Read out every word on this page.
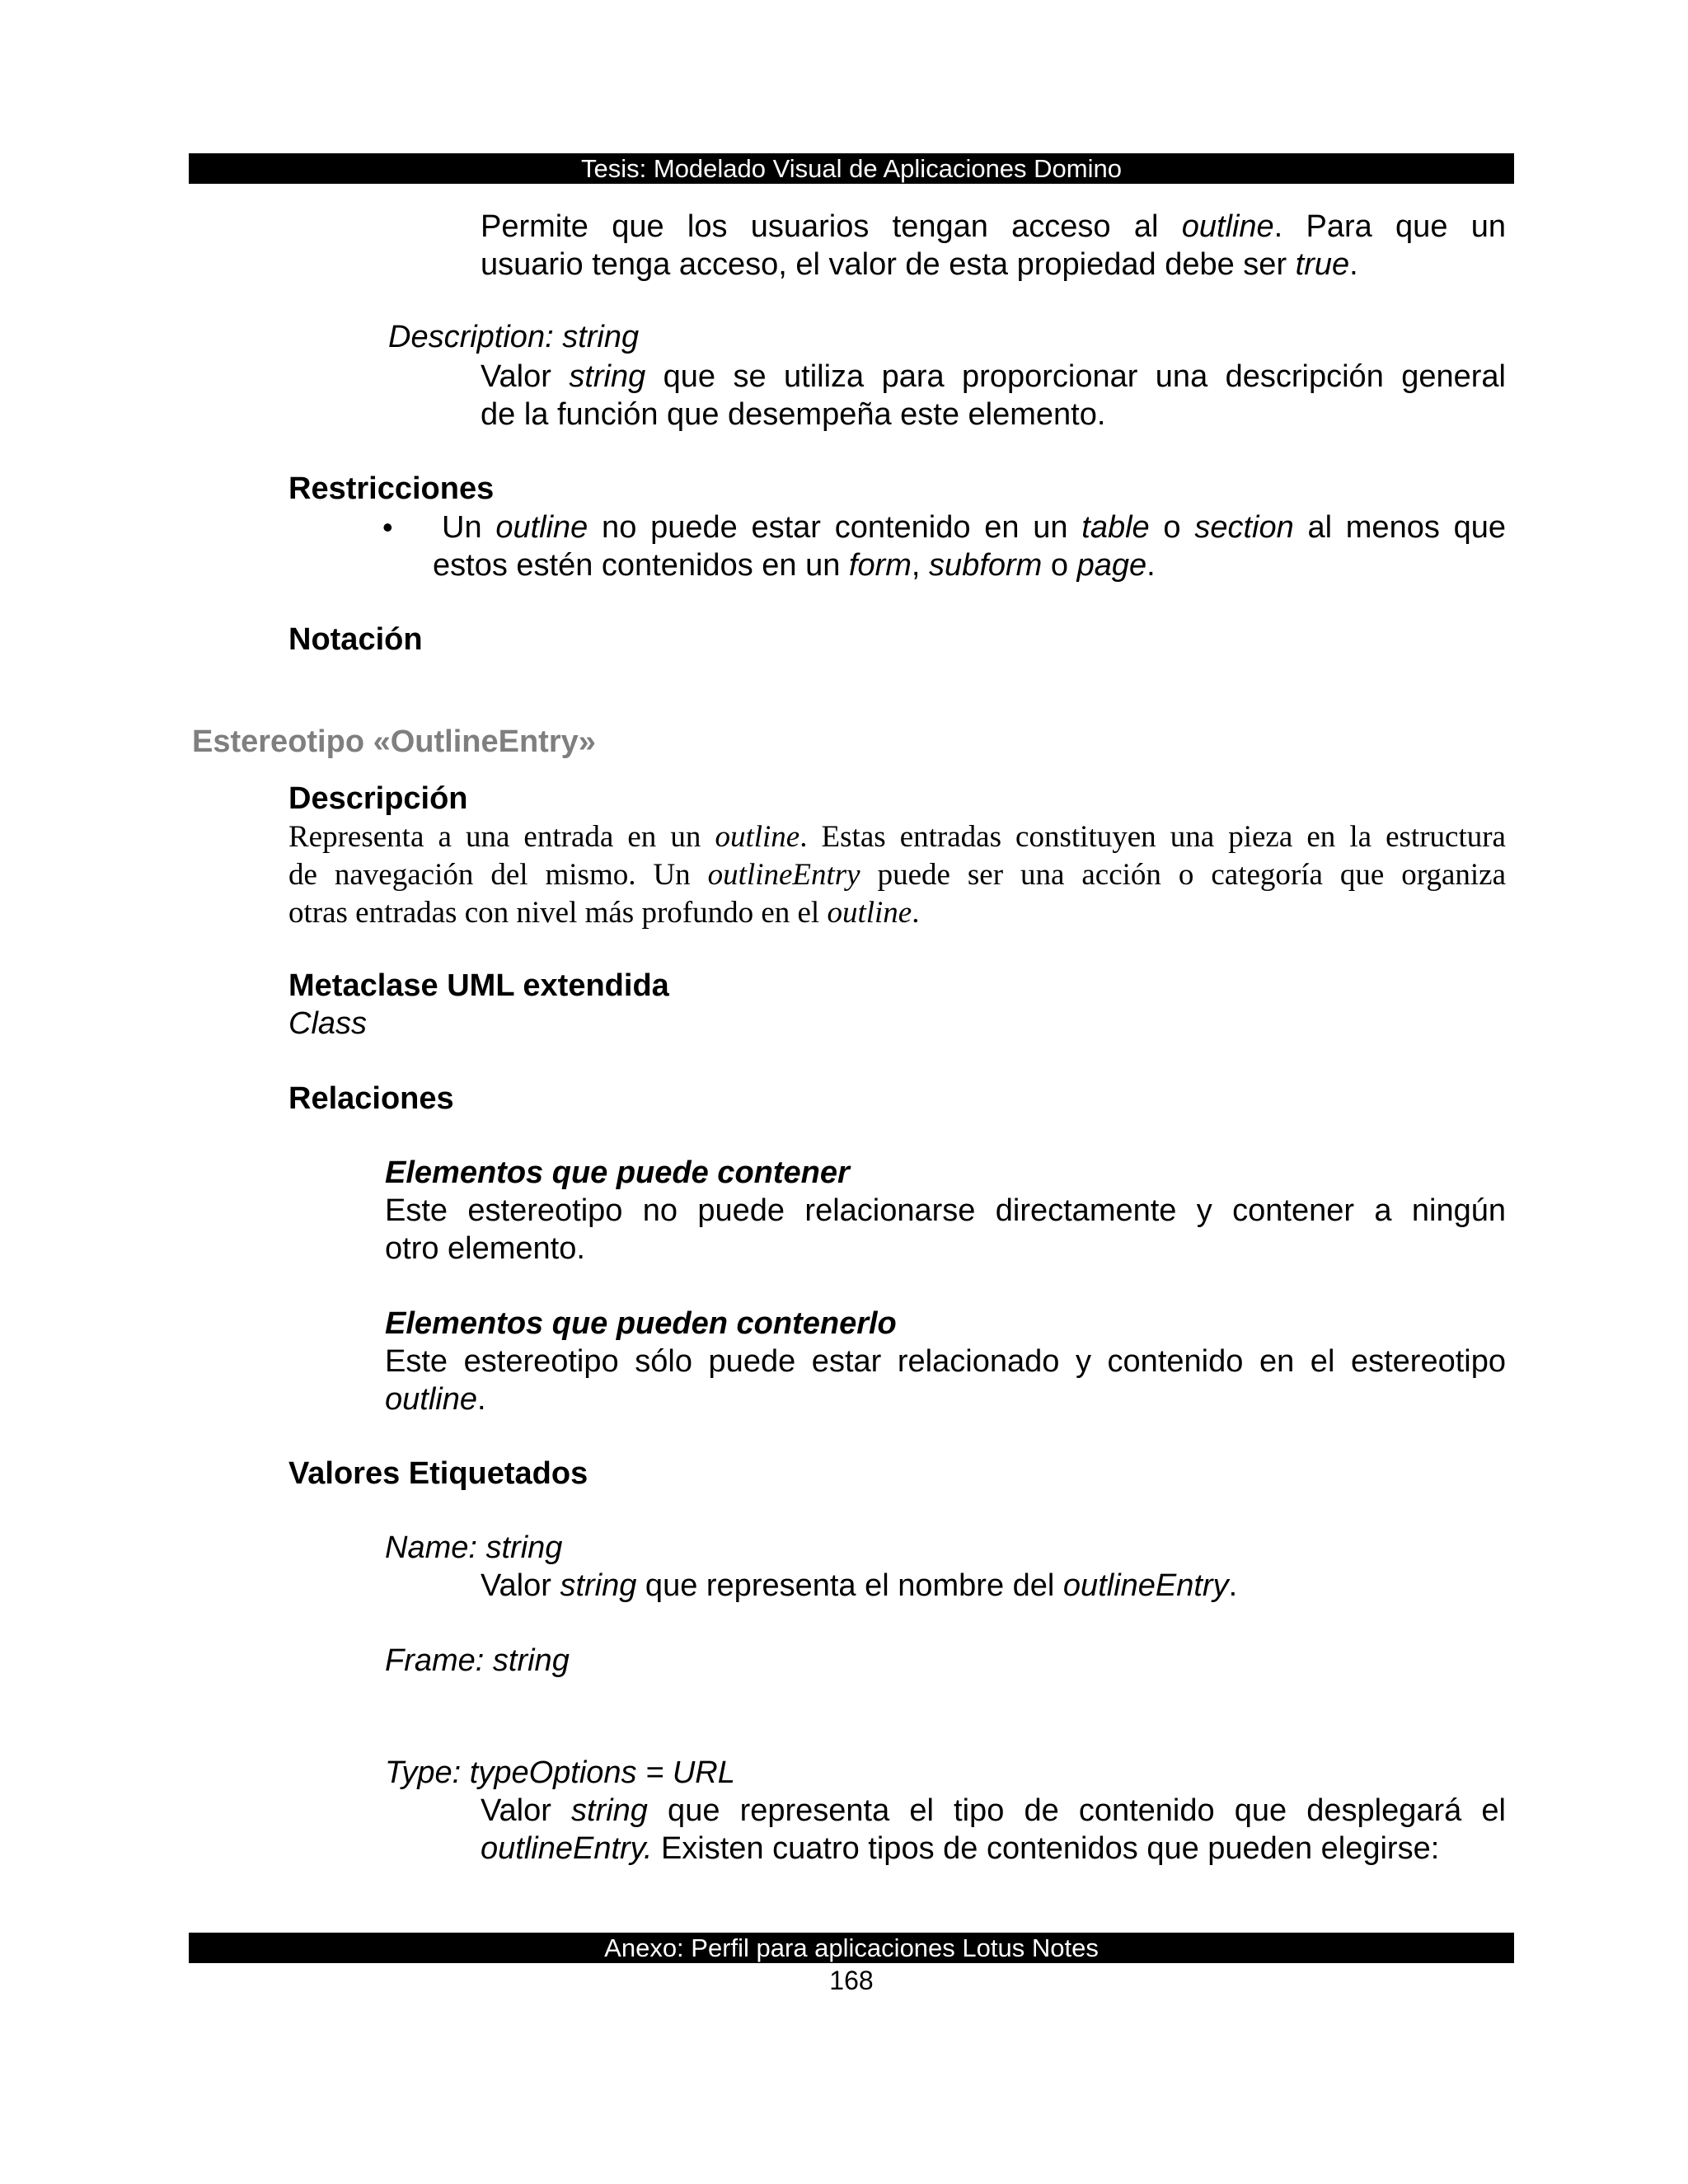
Tesis: Modelado Visual de Aplicaciones Domino
Permite que los usuarios tengan acceso al outline. Para que un
usuario tenga acceso, el valor de esta propiedad debe ser true.
Description: string
Valor string que se utiliza para proporcionar una descripción general
de la función que desempeña este elemento.
Restricciones
• Un outline no puede estar contenido en un table o section al menos que
estos estén contenidos en un form, subform o page.
Notación
Estereotipo «OutlineEntry»
Descripción
Representa a una entrada en un outline. Estas entradas constituyen una pieza en la estructura
de navegación del mismo. Un outlineEntry puede ser una acción o categoría que organiza
otras entradas con nivel más profundo en el outline.
Metaclase UML extendida
Class
Relaciones
Elementos que puede contener
Este estereotipo no puede relacionarse directamente y contener a ningún
otro elemento.
Elementos que pueden contenerlo
Este estereotipo sólo puede estar relacionado y contenido en el estereotipo
outline.
Valores Etiquetados
Name: string
Valor string que representa el nombre del outlineEntry.
Frame: string
Type: typeOptions = URL
Valor string que representa el tipo de contenido que desplegará el
outlineEntry. Existen cuatro tipos de contenidos que pueden elegirse:
Anexo: Perfil para aplicaciones Lotus Notes
168
